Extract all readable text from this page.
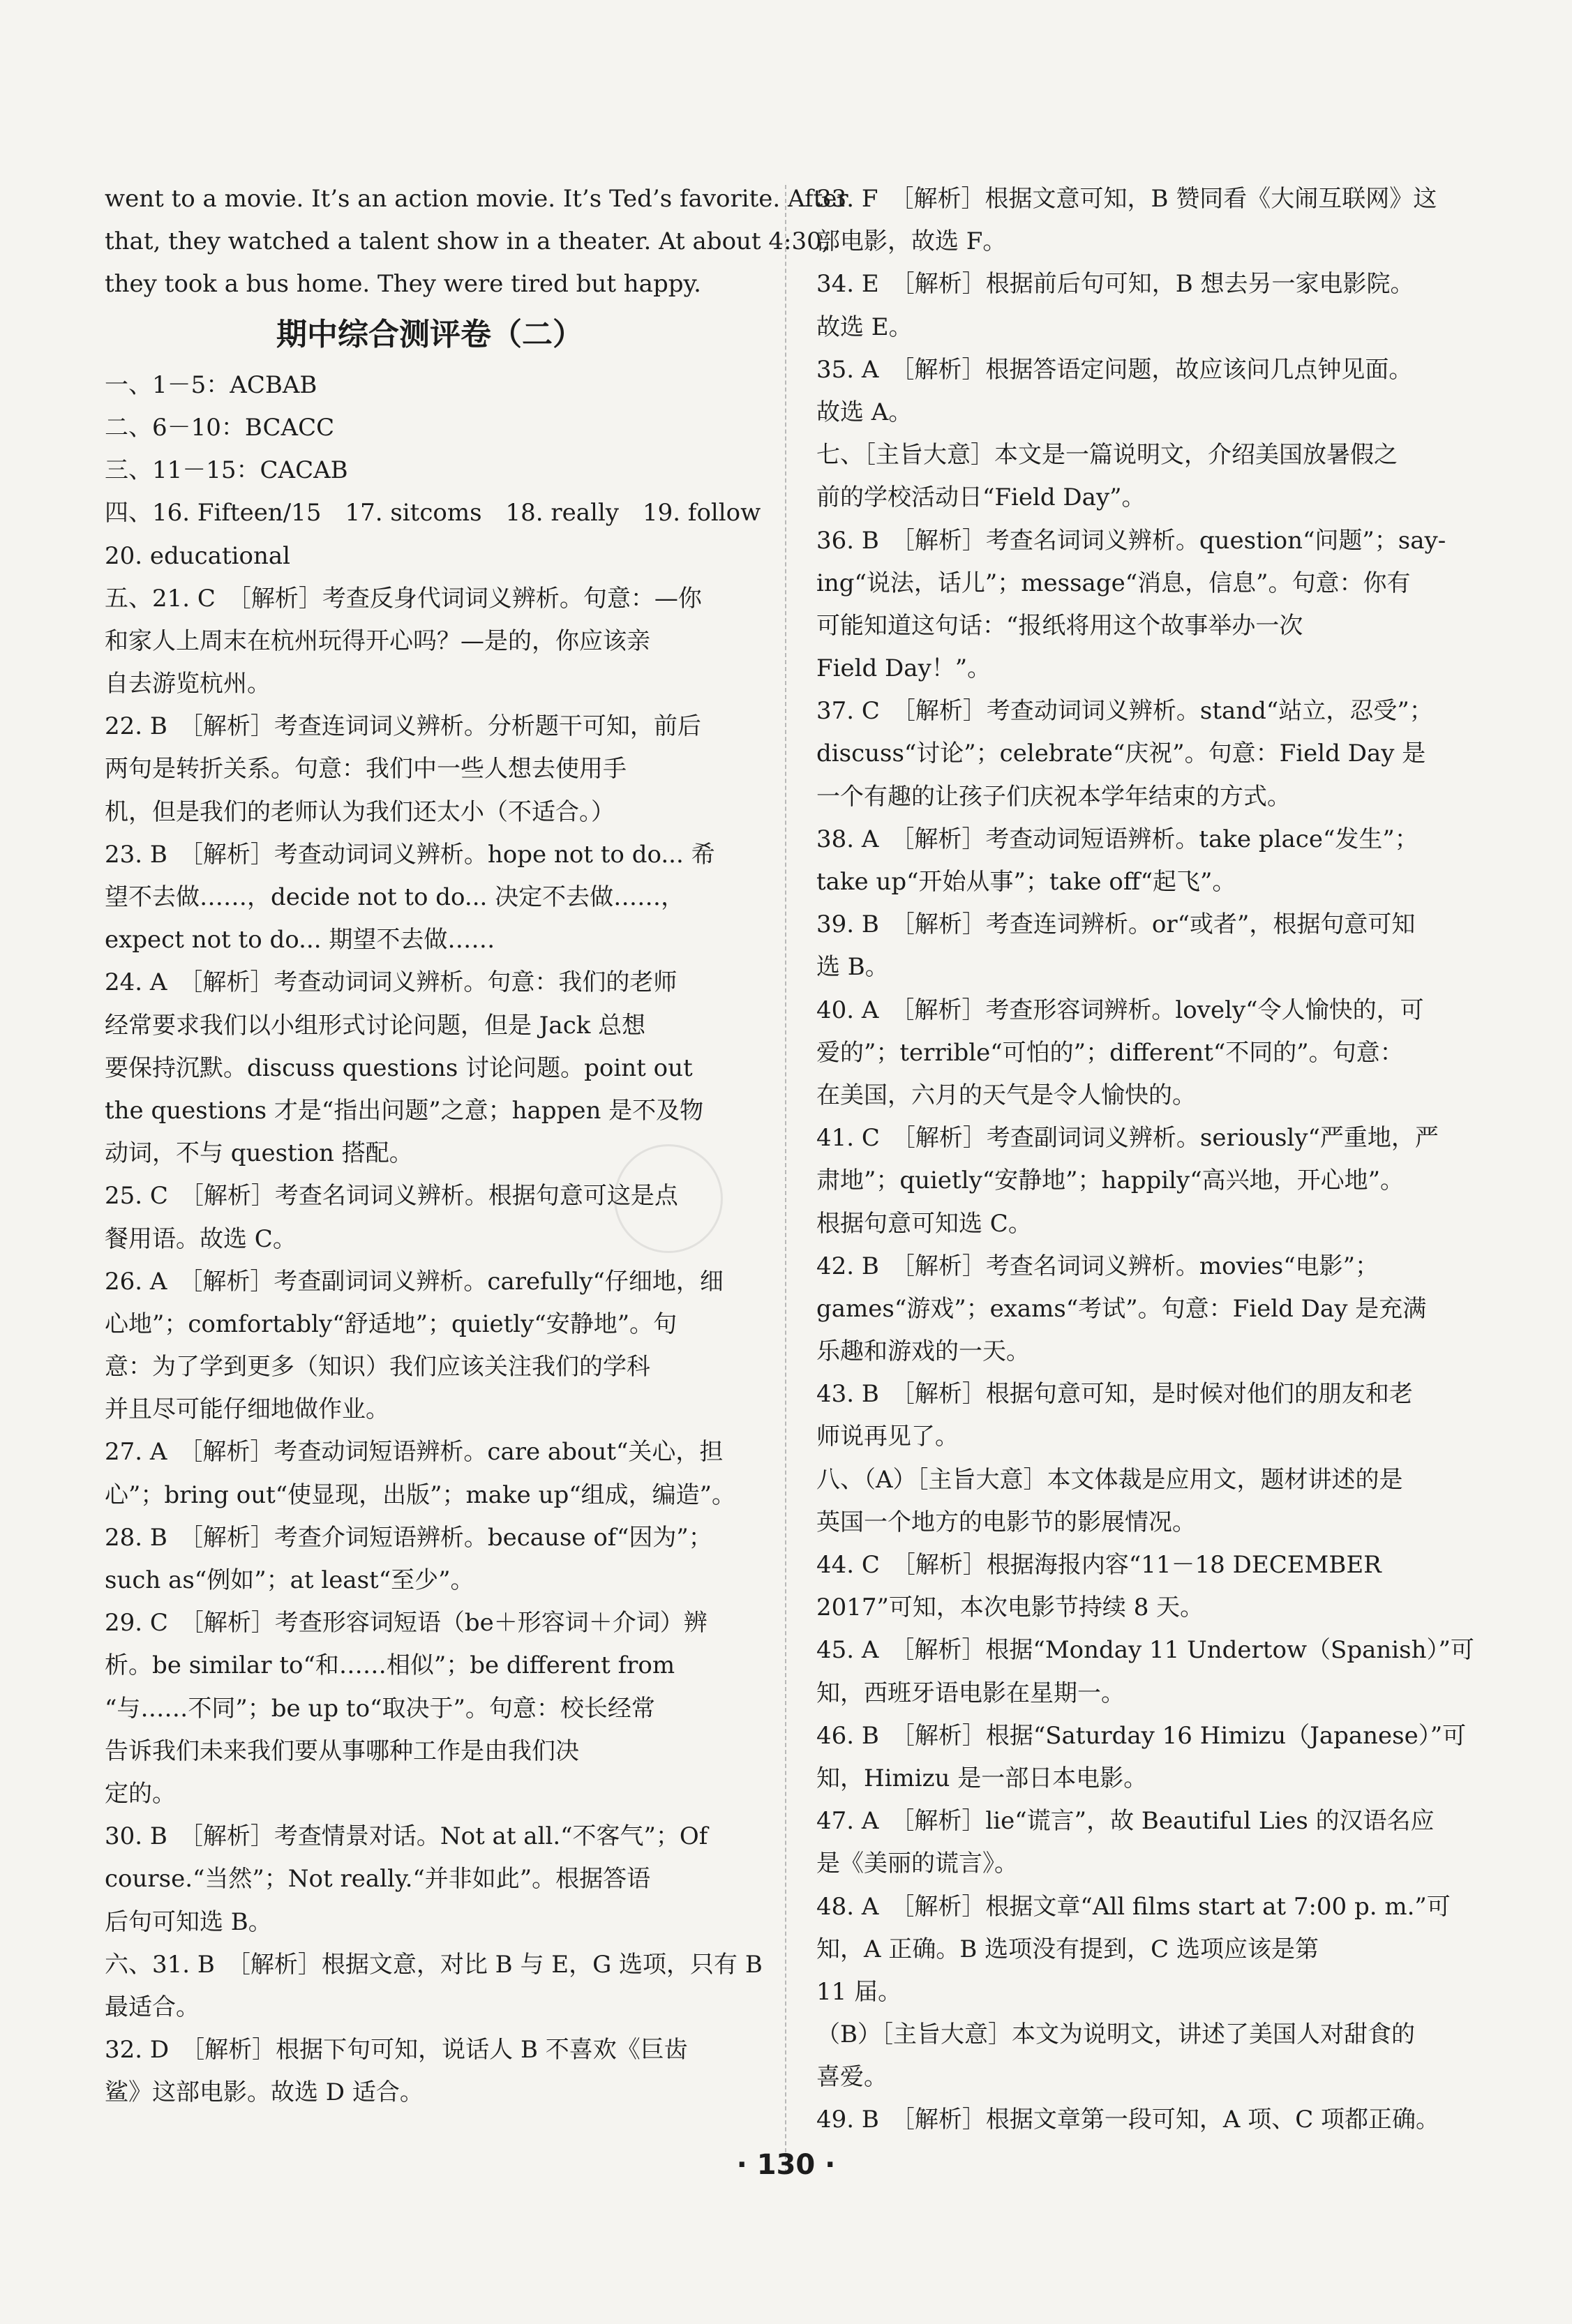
went to a movie. It’s an action movie. It’s Ted’s favorite. After
that, they watched a talent show in a theater. At about 4:30,
they took a bus home. They were tired but happy.
期中综合测评卷（二）
一、1－5：ACBAB
二、6－10：BCACC
三、11－15：CACAB
四、16. Fifteen/15　17. sitcoms　18. really　19. follow
20. educational
五、21. C　［解析］考查反身代词词义辨析。句意：—你
和家人上周末在杭州玩得开心吗？—是的，你应该亲
自去游览杭州。
22. B　［解析］考查连词词义辨析。分析题干可知，前后
两句是转折关系。句意：我们中一些人想去使用手
机，但是我们的老师认为我们还太小（不适合。）
23. B　［解析］考查动词词义辨析。hope not to do... 希
望不去做……，decide not to do... 决定不去做……，
expect not to do... 期望不去做……
24. A　［解析］考查动词词义辨析。句意：我们的老师
经常要求我们以小组形式讨论问题，但是 Jack 总想
要保持沉默。discuss questions 讨论问题。point out
the questions 才是“指出问题”之意；happen 是不及物
动词，不与 question 搭配。
25. C　［解析］考查名词词义辨析。根据句意可这是点
餐用语。故选 C。
26. A　［解析］考查副词词义辨析。carefully“仔细地，细
心地”；comfortably“舒适地”；quietly“安静地”。句
意：为了学到更多（知识）我们应该关注我们的学科
并且尽可能仔细地做作业。
27. A　［解析］考查动词短语辨析。care about“关心，担
心”；bring out“使显现，出版”；make up“组成，编造”。
28. B　［解析］考查介词短语辨析。because of“因为”；
such as“例如”；at least“至少”。
29. C　［解析］考查形容词短语（be＋形容词＋介词）辨
析。be similar to“和……相似”；be different from
“与……不同”；be up to“取决于”。句意：校长经常
告诉我们未来我们要从事哪种工作是由我们决
定的。
30. B　［解析］考查情景对话。Not at all.“不客气”；Of
course.“当然”；Not really.“并非如此”。根据答语
后句可知选 B。
六、31. B　［解析］根据文意，对比 B 与 E，G 选项，只有 B
最适合。
32. D　［解析］根据下句可知，说话人 B 不喜欢《巨齿
鲨》这部电影。故选 D 适合。
33. F　［解析］根据文意可知，B 赞同看《大闹互联网》这
部电影，故选 F。
34. E　［解析］根据前后句可知，B 想去另一家电影院。
故选 E。
35. A　［解析］根据答语定问题，故应该问几点钟见面。
故选 A。
七、［主旨大意］本文是一篇说明文，介绍美国放暑假之
前的学校活动日“Field Day”。
36. B　［解析］考查名词词义辨析。question“问题”；say-
ing“说法，话儿”；message“消息，信息”。句意：你有
可能知道这句话：“报纸将用这个故事举办一次
Field Day！”。
37. C　［解析］考查动词词义辨析。stand“站立，忍受”；
discuss“讨论”；celebrate“庆祝”。句意：Field Day 是
一个有趣的让孩子们庆祝本学年结束的方式。
38. A　［解析］考查动词短语辨析。take place“发生”；
take up“开始从事”；take off“起飞”。
39. B　［解析］考查连词辨析。or“或者”，根据句意可知
选 B。
40. A　［解析］考查形容词辨析。lovely“令人愉快的，可
爱的”；terrible“可怕的”；different“不同的”。句意：
在美国，六月的天气是令人愉快的。
41. C　［解析］考查副词词义辨析。seriously“严重地，严
肃地”；quietly“安静地”；happily“高兴地，开心地”。
根据句意可知选 C。
42. B　［解析］考查名词词义辨析。movies“电影”；
games“游戏”；exams“考试”。句意：Field Day 是充满
乐趣和游戏的一天。
43. B　［解析］根据句意可知，是时候对他们的朋友和老
师说再见了。
八、（A）［主旨大意］本文体裁是应用文，题材讲述的是
英国一个地方的电影节的影展情况。
44. C　［解析］根据海报内容“11－18 DECEMBER
2017”可知，本次电影节持续 8 天。
45. A　［解析］根据“Monday 11 Undertow（Spanish）”可
知，西班牙语电影在星期一。
46. B　［解析］根据“Saturday 16 Himizu（Japanese）”可
知，Himizu 是一部日本电影。
47. A　［解析］lie“谎言”，故 Beautiful Lies 的汉语名应
是《美丽的谎言》。
48. A　［解析］根据文章“All films start at 7:00 p. m.”可
知，A 正确。B 选项没有提到，C 选项应该是第
11 届。
（B）［主旨大意］本文为说明文，讲述了美国人对甜食的
喜爱。
49. B　［解析］根据文章第一段可知，A 项、C 项都正确。
· 130 ·
